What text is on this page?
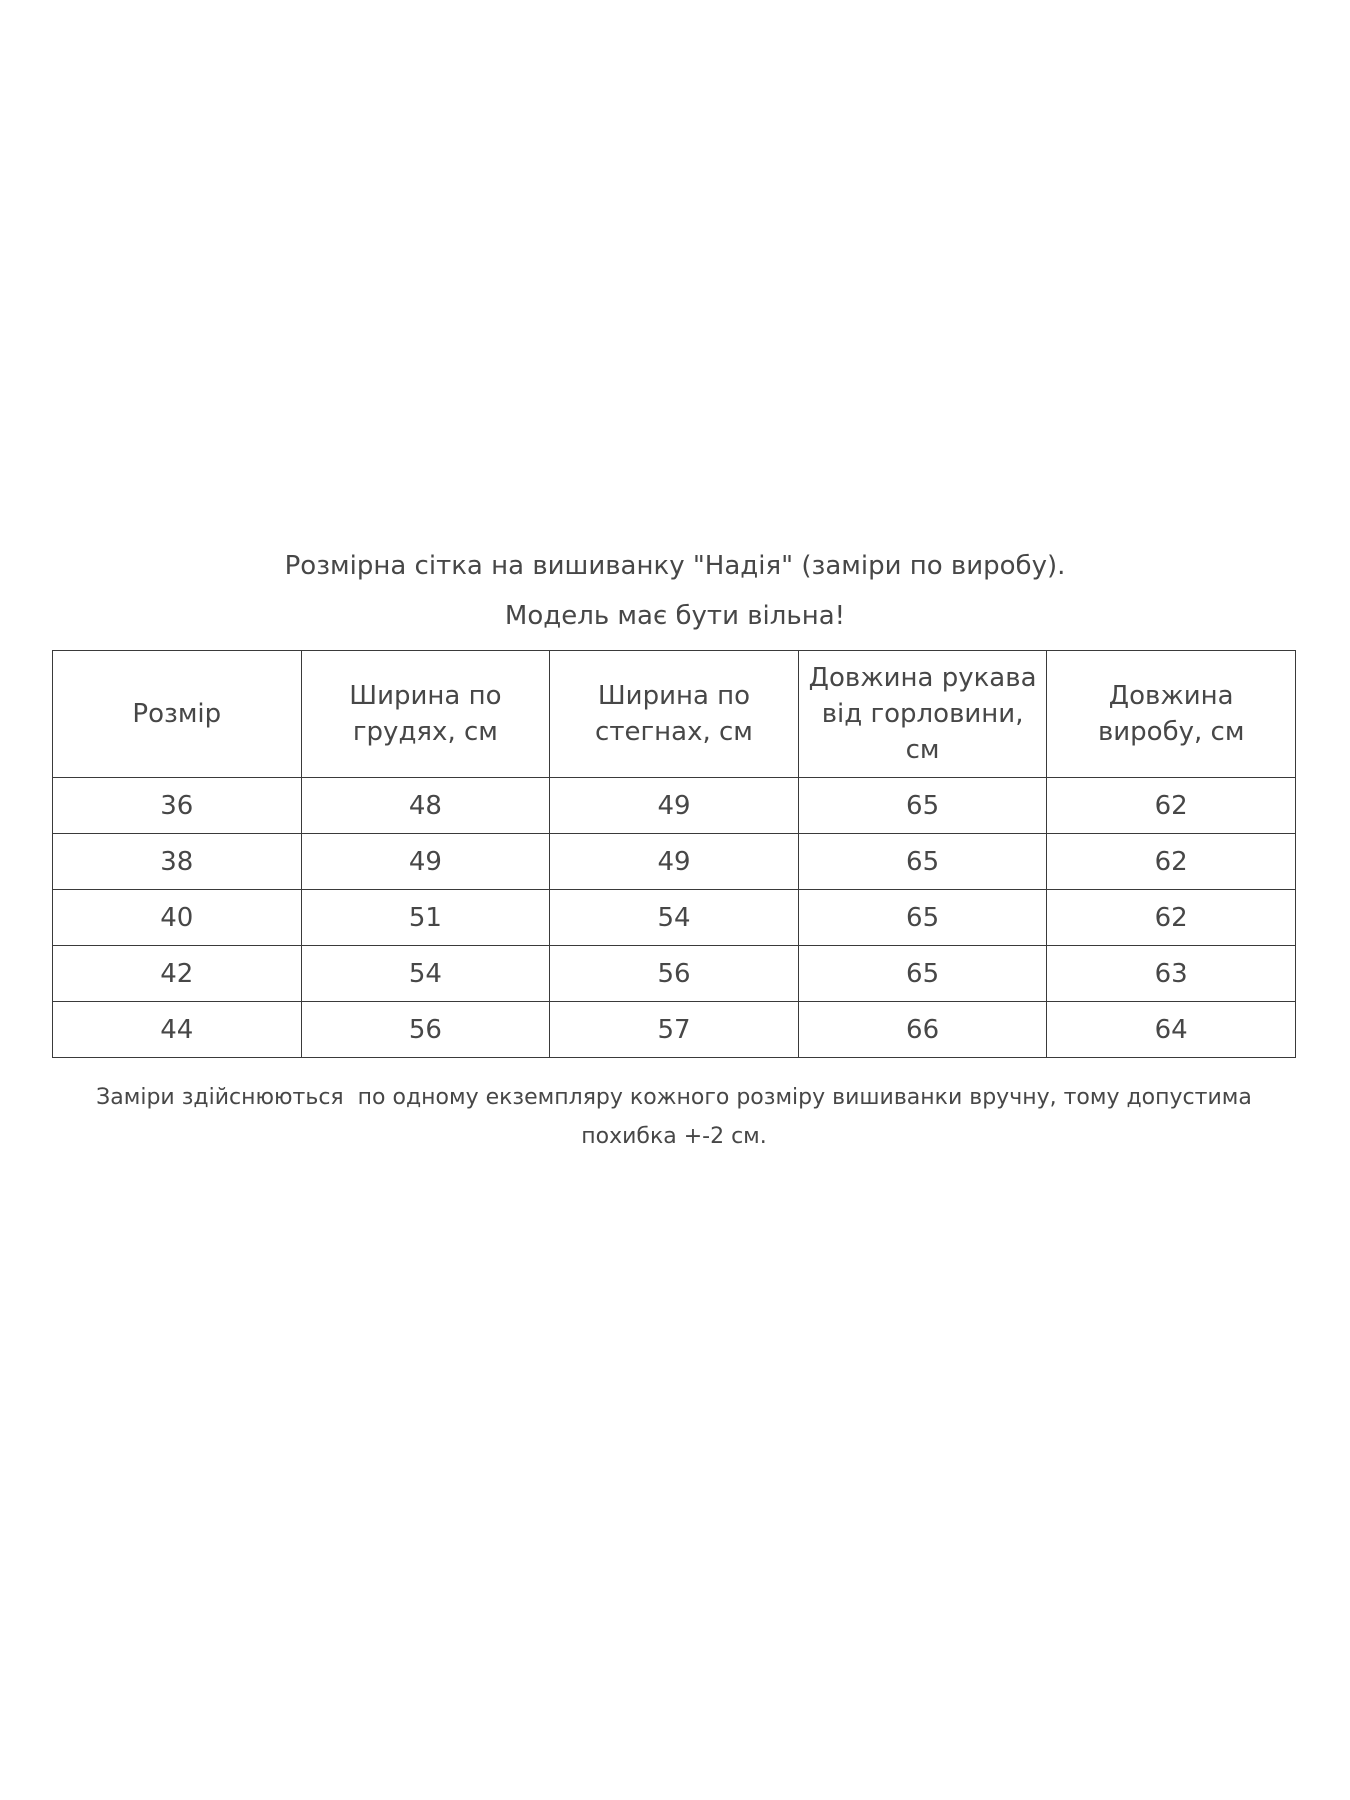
Розмірна сітка на вишиванку "Надія" (заміри по виробу).
Модель має бути вільна!
Розмір	Ширина по грудях, см	Ширина по стегнах, см	Довжина рукава від горловини, см	Довжина виробу, см
36	48	49	65	62
38	49	49	65	62
40	51	54	65	62
42	54	56	65	63
44	56	57	66	64
Заміри здійснюються  по одному екземпляру кожного розміру вишиванки вручну, тому допустима похибка +-2 см.
